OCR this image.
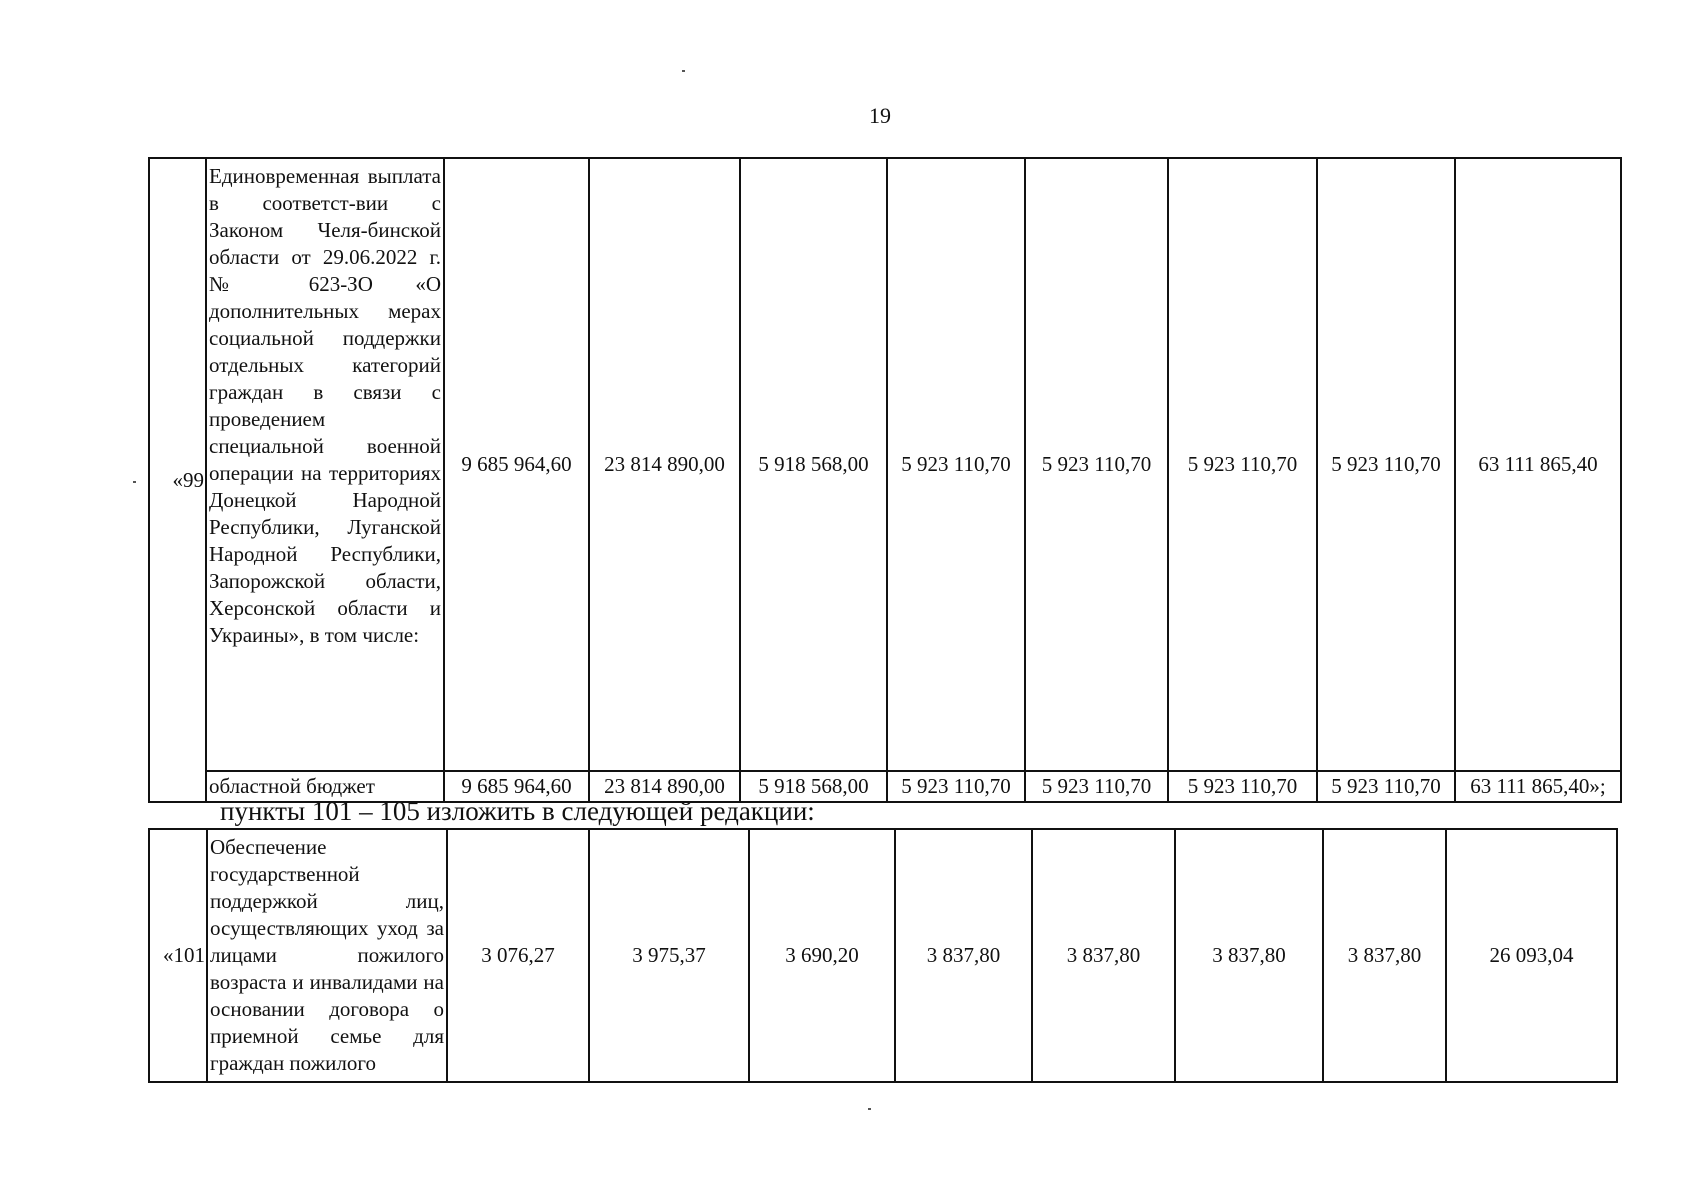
19
«99	Единовременная выплата в соответст-вии с Законом Челя-бинской области от 29.06.2022 г. № 623-ЗО «О дополнительных мерах социальной поддержки отдельных категорий граждан в связи с проведением специальной военной операции на территориях Донецкой Народной Республики, Луганской Народной Республики, Запорожской области, Херсонской области и Украины», в том числе:	9 685 964,60	23 814 890,00	5 918 568,00	5 923 110,70	5 923 110,70	5 923 110,70	5 923 110,70	63 111 865,40
	областной бюджет	9 685 964,60	23 814 890,00	5 918 568,00	5 923 110,70	5 923 110,70	5 923 110,70	5 923 110,70	63 111 865,40»;
пункты 101 – 105 изложить в следующей редакции:
«101	Обеспечение государственной поддержкой лиц, осуществляющих уход за лицами пожилого возраста и инвалидами на основании договора о приемной семье для граждан пожилого	3 076,27	3 975,37	3 690,20	3 837,80	3 837,80	3 837,80	3 837,80	26 093,04
